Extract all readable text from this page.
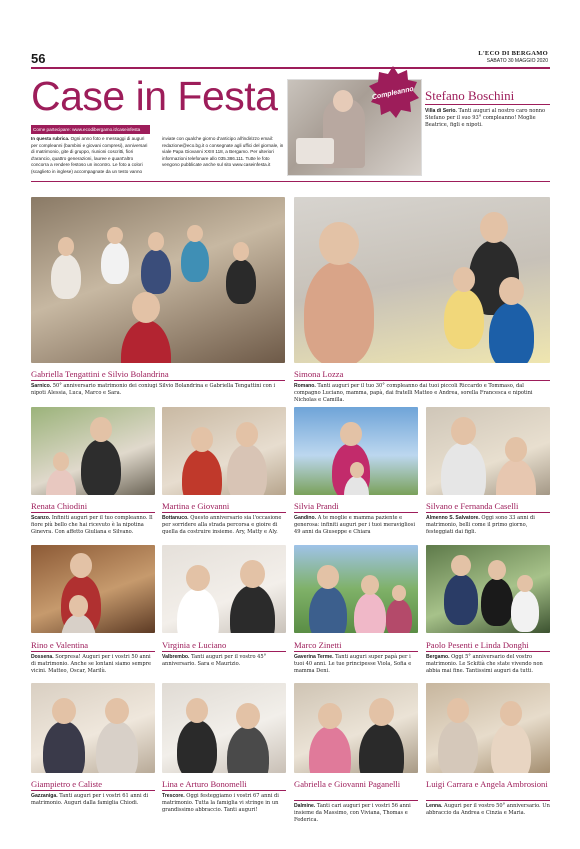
56	L'ECO DI BERGAMO
SABATO 30 MAGGIO 2020
Case in Festa
Come partecipare: www.ecodibergamo.it/caseinfesta
In questa rubrica. Ogni anno foto e messaggi di auguri per compleanni (bambini e giovani compresi), anniversari di matrimonio, gite di gruppo, riunioni coscritti, fiori d'arancio, quattro generazioni, lauree e quant'altro concorra a rendere festoso un incontro. Le foto a colori (scaglieto in inglese) accompagnate da un testo vanno
inviate con qualche giorno d'anticipo all'indirizzo email: redazione@eco.bg.it o consegnate agli uffici del giornale, in viale Papa Giovanni XXIII 118, a Bergamo. Per ulteriori informazioni telefonare allo 035.386.111. Tutte le foto vengono pubblicate anche sul sito www.caseinfesta.it
Compleanno Stefano Boschini
Villa di Serio. Tanti auguri al nostro caro nonno Stefano per il suo 93° compleanno! Moglie Beatrice, figli e nipoti.
Gabriella Tengattini e Silvio Bolandrina
Sarnico. 50° anniversario matrimonio dei coniugi Silvio Bolandrina e Gabriella Tengattini con i nipoti Alessia, Luca, Marco e Sara.
Simona Lozza
Romano. Tanti auguri per il tuo 30° compleanno dai tuoi piccoli Riccardo e Tommaso, dal compagno Luciano, mamma, papà, dai fratelli Matteo e Andrea, sorella Francesca e nipotini Nicholas e Camilla.
Renata Chiodini
Scanzo. Infiniti auguri per il tuo compleanno. Il fiore più bello che hai ricevuto è la nipotina Ginevra. Con affetto Giuliana e Silvano.
Martina e Giovanni
Bottanuco. Questo anniversario sia l'occasione per sorridere alla strada percorsa e gioire di quella da costruire insieme. Ary, Matty e Aly.
Silvia Prandi
Gandino. A te moglie e mamma paziente e generosa: infiniti auguri per i tuoi meravigliosi 49 anni da Giuseppe e Chiara
Silvano e Fernanda Caselli
Almenno S. Salvatore. Oggi sono 33 anni di matrimonio, belli come il primo giorno, festeggiati dai figli.
Rino e Valentina
Dossena. Sorpresa! Auguri per i vostri 50 anni di matrimonio. Anche se lontani siamo sempre vicini. Matteo, Oscar, Marilù.
Virginia e Luciano
Valbrembo. Tanti auguri per il vostro 45° anniversario. Sara e Maurizio.
Marco Zinetti
Gaverina Terme. Tanti auguri super papà per i tuoi 40 anni. Le tue principesse Viola, Sofia e mamma Deni.
Paolo Pesenti e Linda Donghi
Bergamo. Oggi 5° anniversario del vostro matrimonio. Le Sckitià che state vivendo non abbia mai fine. Tantissimi auguri da tutti.
Giampietro e Caliste
Gazzaniga. Tanti auguri per i vostri 61 anni di matrimonio. Auguri dalla famiglia Chiodi.
Lina e Arturo Bonomelli
Trescore. Oggi festeggiamo i vostri 67 anni di matrimonio. Tutta la famiglia vi stringe in un grandissimo abbraccio. Tanti auguri!
Gabriella e Giovanni Paganelli
Dalmine. Tanti cari auguri per i vostri 56 anni insieme da Massimo, con Viviana, Thomas e Federica.
Luigi Carrara e Angela Ambrosioni
Lenna. Auguri per il vostro 50° anniversario. Un abbraccio da Andrea e Cinzia e Maria.
